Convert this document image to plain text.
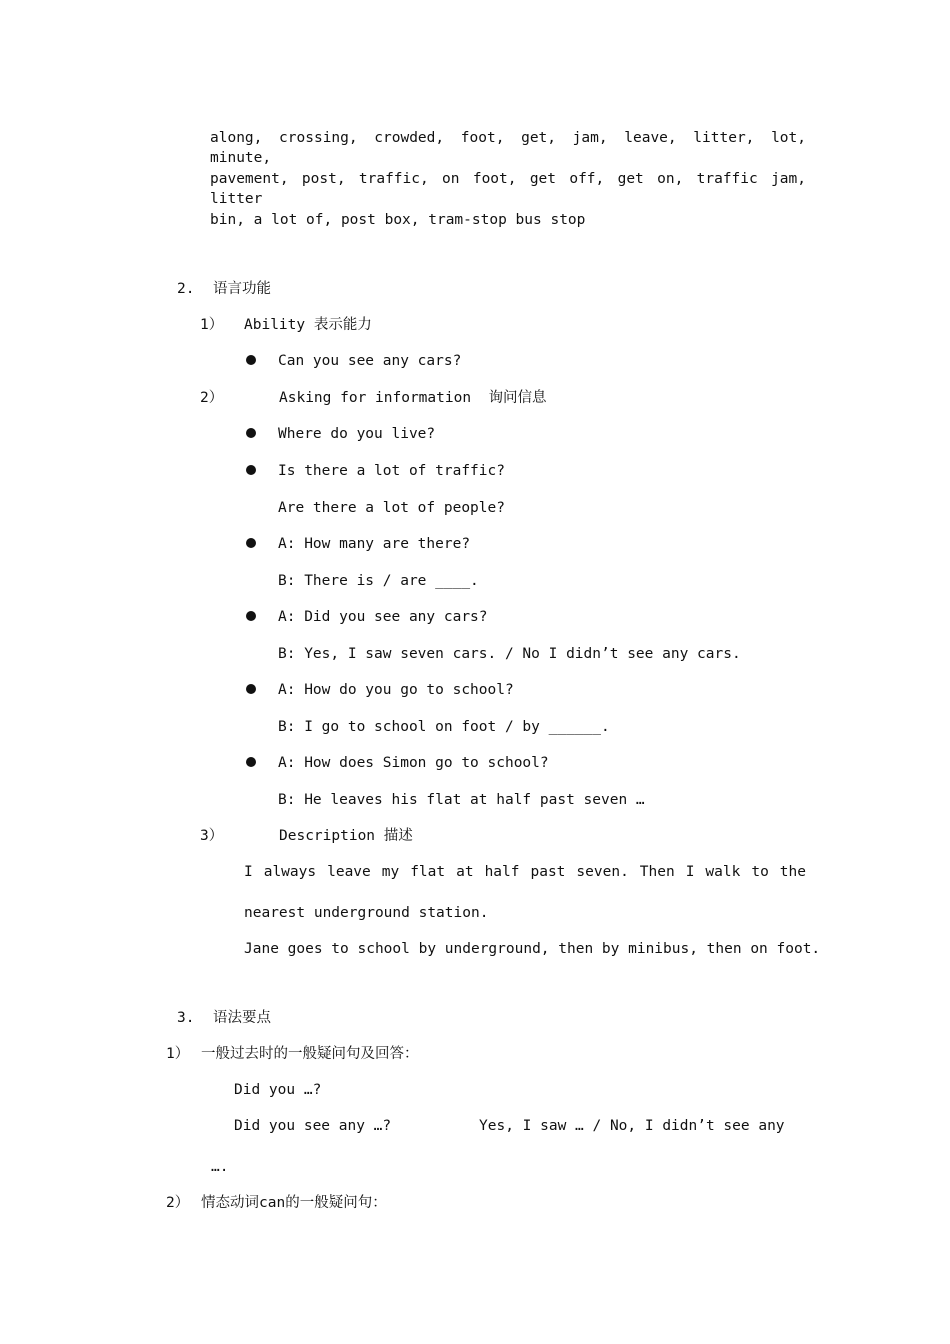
along, crossing, crowded, foot, get, jam, leave, litter, lot, minute,
pavement, post, traffic, on foot, get off, get on, traffic jam, litter
bin, a lot of, post box, tram-stop bus stop
2. 语言功能
1） Ability 表示能力
Can you see any cars?
2）	Asking for information  询问信息
Where do you live?
Is there a lot of traffic?
Are there a lot of people?
A: How many are there?
B: There is / are ____.
A: Did you see any cars?
B: Yes, I saw seven cars. / No I didn’t see any cars.
A: How do you go to school?
B: I go to school on foot / by ______.
A: How does Simon go to school?
B: He leaves his flat at half past seven …
3）	Description 描述
I always leave my flat at half past seven. Then I walk to the
nearest underground station.
Jane goes to school by underground, then by minibus, then on foot.
3. 语法要点
1） 一般过去时的一般疑问句及回答：
Did you …?
Did you see any …?	Yes, I saw … / No, I didn’t see any
….
2） 情态动词can的一般疑问句：
